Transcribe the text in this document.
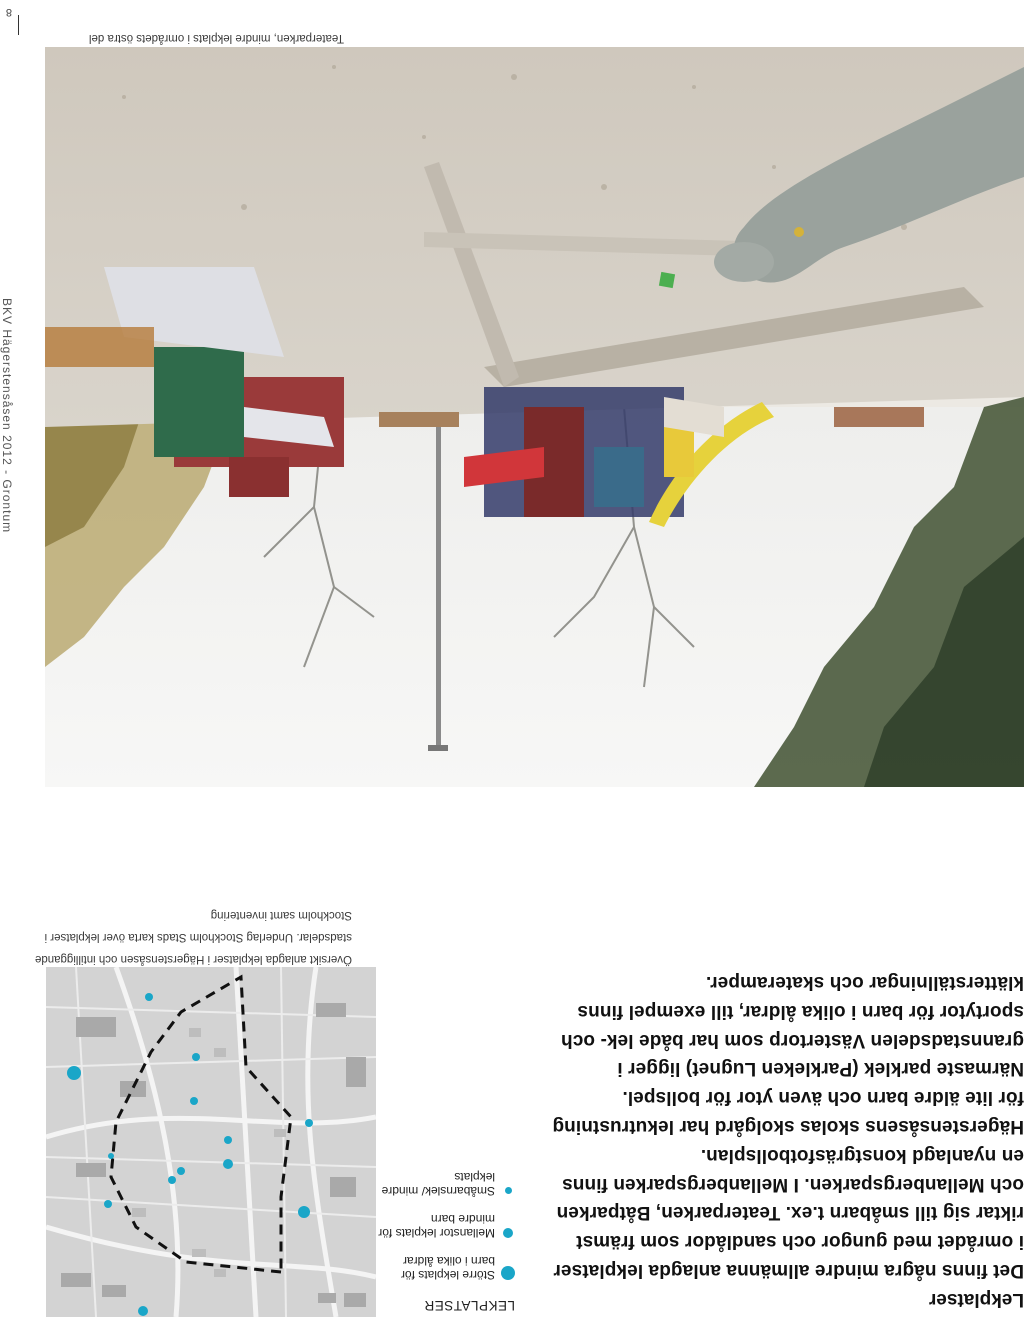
Teaterparken, mindre lekplats i områdets östra del
BKV Hägerstensåsen 2012 - Grontum
8
Lekplatser

Det finns några mindre allmänna anlagda lekplatser i området med gungor och sandlådor som främst riktar sig till småbarn t.ex. Teaterparken, Båtparken och Mellanbergsparken. I Mellanbergsparken finns en nyanlagd konstgräsfotbollsplan. Hägerstensåsens skolas skolgård har lekutrustning för lite äldre barn och även ytor för bollspel. Närmaste parklek (Parkleken Lugnet) ligger i grannstadsdelen Västertorp som har både lek- och sportytor för barn i olika åldrar, till exempel finns klätterställningar och skateramper.

LEKPLATSER
Större lekplats för barn i olika åldrar
Mellanstor lekplats för mindre barn
Småbarnslek/ mindre lekplats
Översikt anlagda lekplatser i Hägerstensåsen och intilliggande stadsdelar. Underlag Stockholm Stads karta över lekplatser i Stockholm samt inventering
